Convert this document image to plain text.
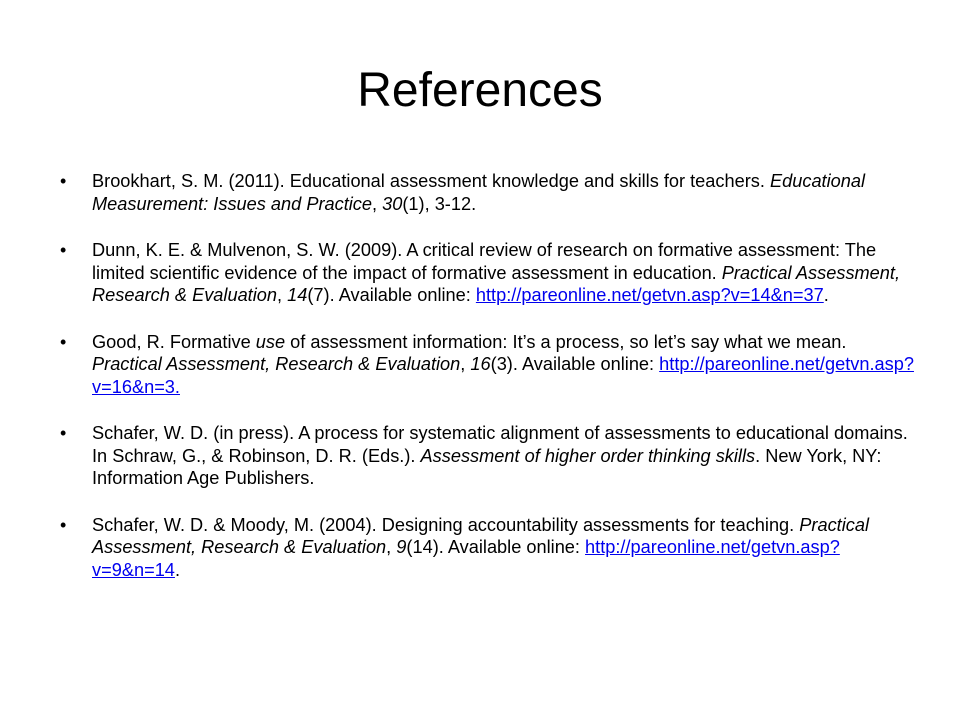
References
• Brookhart, S. M. (2011). Educational assessment knowledge and skills for teachers. Educational Measurement: Issues and Practice, 30(1), 3-12.
• Dunn, K. E. & Mulvenon, S. W. (2009). A critical review of research on formative assessment: The limited scientific evidence of the impact of formative assessment in education. Practical Assessment, Research & Evaluation, 14(7). Available online: http://pareonline.net/getvn.asp?v=14&n=37.
• Good, R. Formative use of assessment information: It’s a process, so let’s say what we mean. Practical Assessment, Research & Evaluation, 16(3). Available online: http://pareonline.net/getvn.asp?v=16&n=3.
• Schafer, W. D. (in press). A process for systematic alignment of assessments to educational domains. In Schraw, G., & Robinson, D. R. (Eds.). Assessment of higher order thinking skills. New York, NY: Information Age Publishers.
• Schafer, W. D. & Moody, M. (2004). Designing accountability assessments for teaching. Practical Assessment, Research & Evaluation, 9(14). Available online: http://pareonline.net/getvn.asp?v=9&n=14.
